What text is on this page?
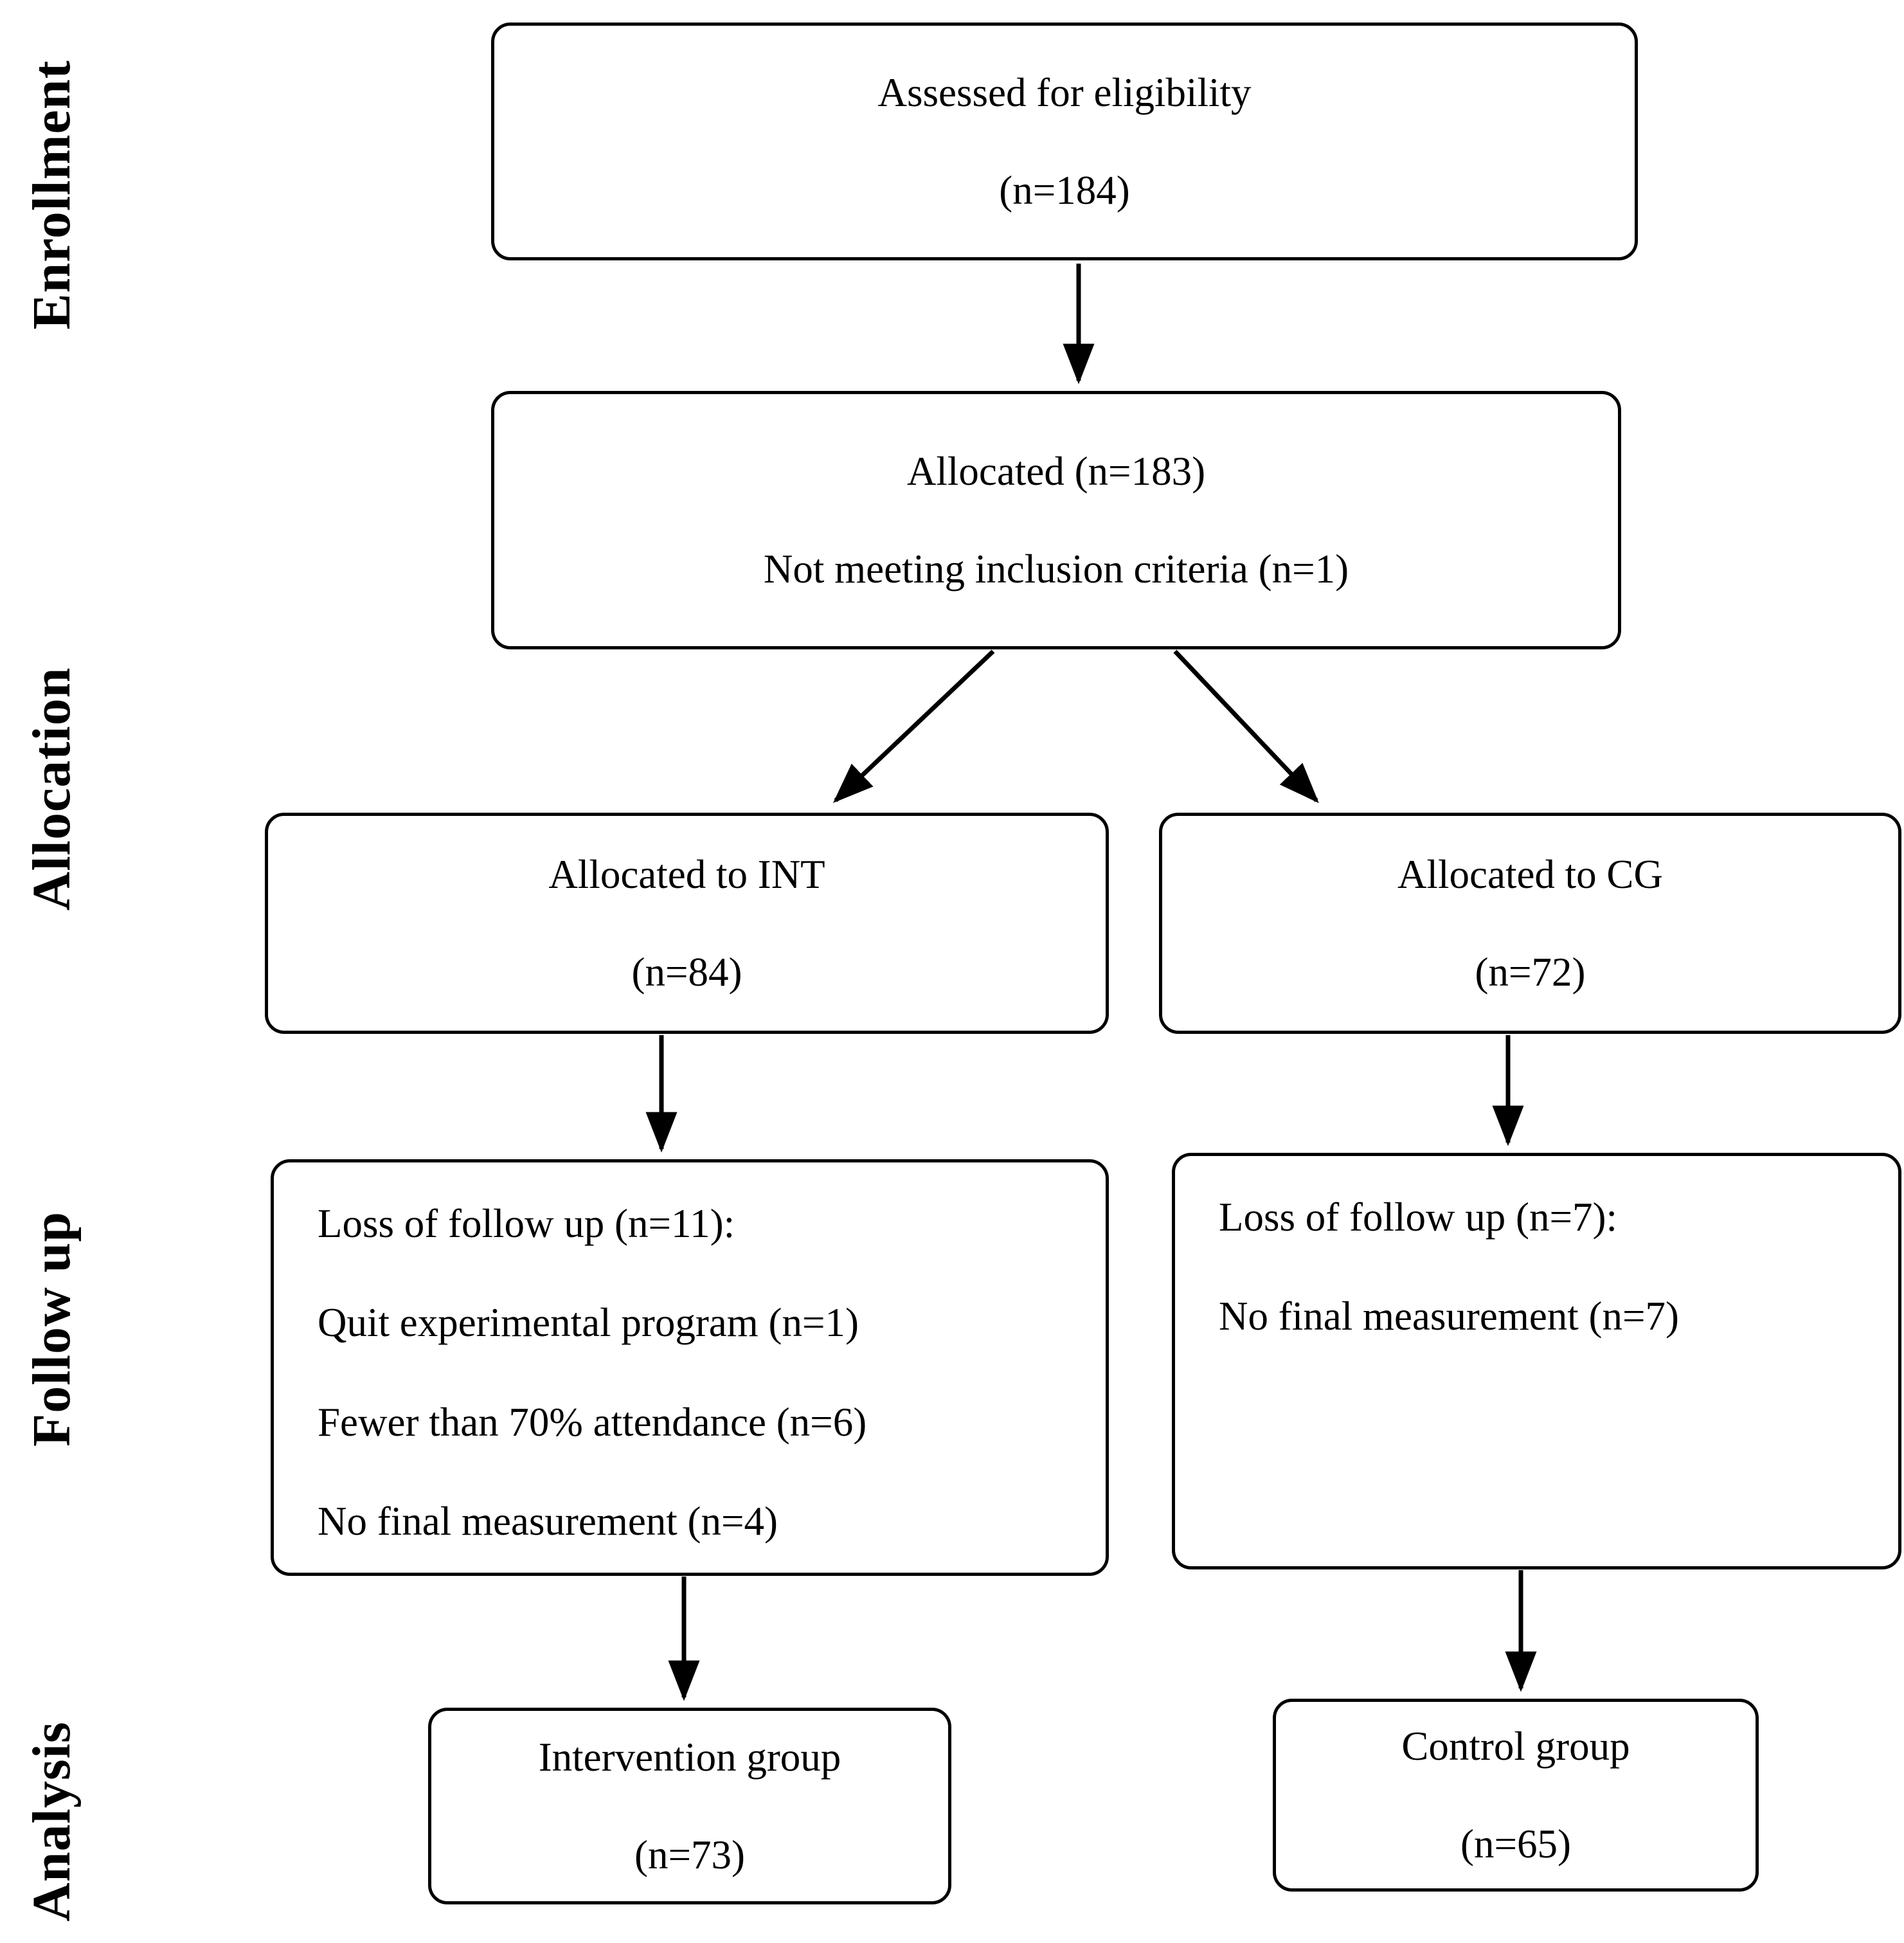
Enrollment
Allocation
Follow up
Analysis
Assessed for eligibility
(n=184)
Allocated (n=183)
Not meeting inclusion criteria (n=1)
Allocated to INT
(n=84)
Allocated to CG
(n=72)
Loss of follow up (n=11):
Quit experimental program (n=1)
Fewer than 70% attendance (n=6)
No final measurement (n=4)
Loss of follow up (n=7):
No final measurement (n=7)
Intervention group
(n=73)
Control group
(n=65)
